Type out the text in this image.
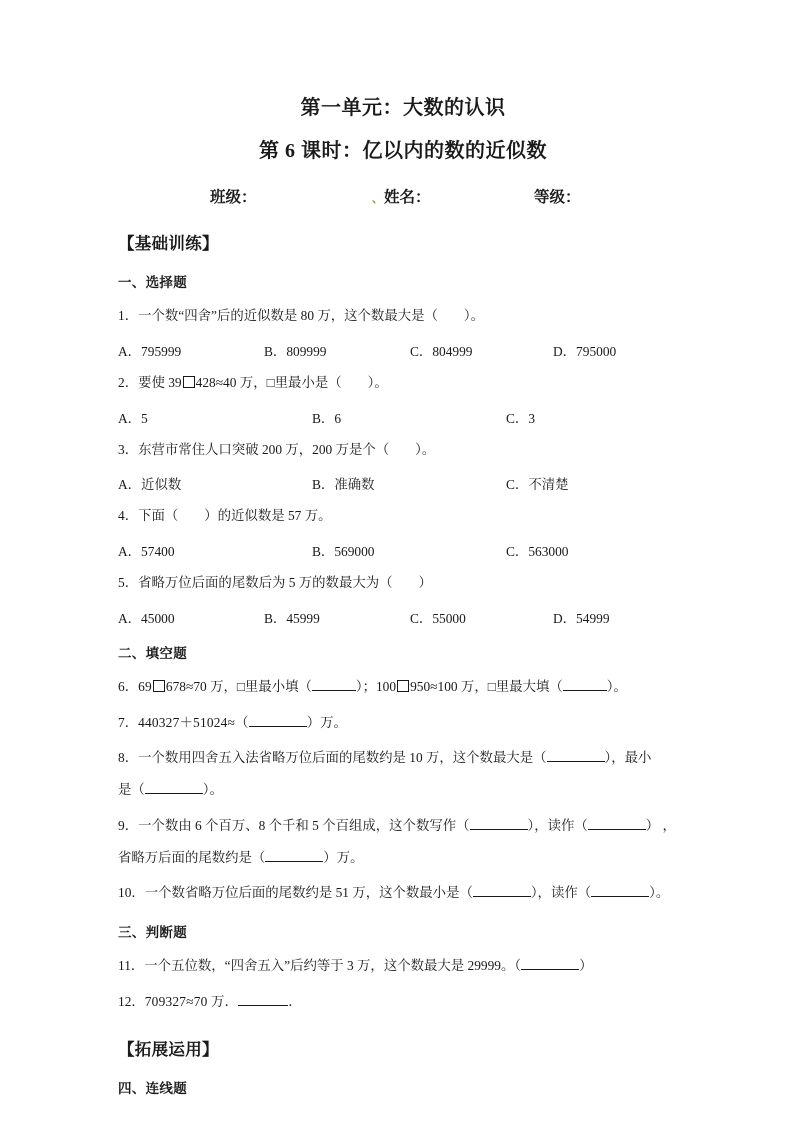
第一单元：大数的认识
第 6 课时：亿以内的数的近似数
班级：	、 姓名：	等级：
【基础训练】
一、选择题
1．一个数“四舍”后的近似数是 80 万，这个数最大是（ ）。
A．795999	B．809999	C．804999	D．795000
2．要使 39 428≈40 万，□里最小是（ ）。
A．5	B．6	C．3
3．东营市常住人口突破 200 万，200 万是个（ ）。
A．近似数	B．准确数	C．不清楚
4．下面（ ）的近似数是 57 万。
A．57400	B．569000	C．563000
5．省略万位后面的尾数后为 5 万的数最大为（ ）
A．45000	B．45999	C．55000	D．54999
二、填空题
6．69 678≈70 万，□里最小填（	）；100 950≈100 万，□里最大填（	）。
7．440327＋51024≈（	）万。
8．一个数用四舍五入法省略万位后面的尾数约是 10 万，这个数最大是（	），最小
是（	）。
9．一个数由 6 个百万、8 个千和 5 个百组成，这个数写作（	），读作（	） ，
省略万后面的尾数约是（	）万。
10．一个数省略万位后面的尾数约是 51 万，这个数最小是（	），读作（	）。
三、判断题
11．一个五位数，“四舍五入”后约等于 3 万，这个数最大是 29999。（	）
12．709327≈70 万．	．
【拓展运用】
四、连线题
